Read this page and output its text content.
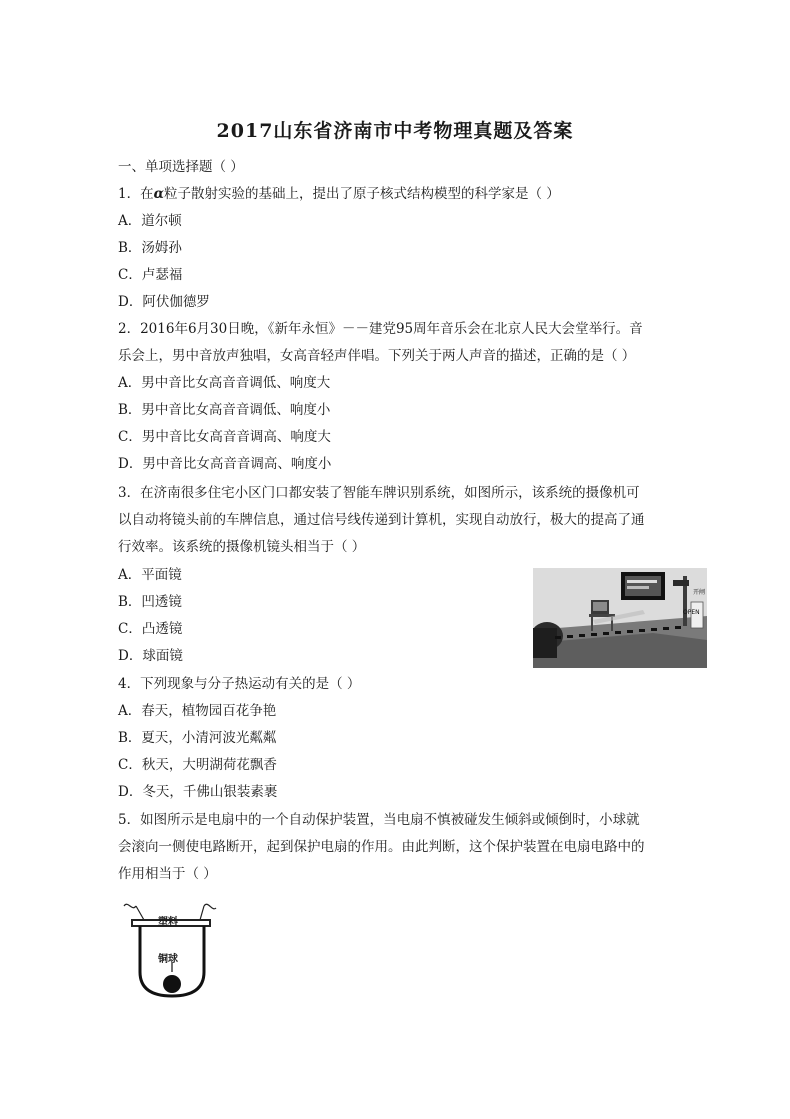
2017山东省济南市中考物理真题及答案
一、单项选择题（ ）
1．在α粒子散射实验的基础上，提出了原子核式结构模型的科学家是（ ）
A．道尔顿
B．汤姆孙
C．卢瑟福
D．阿伏伽德罗
2．2016年6月30日晚，《新年永恒》－－建党95周年音乐会在北京人民大会堂举行。音
乐会上，男中音放声独唱，女高音轻声伴唱。下列关于两人声音的描述，正确的是（ ）
A．男中音比女高音音调低、响度大
B．男中音比女高音音调低、响度小
C．男中音比女高音音调高、响度大
D．男中音比女高音音调高、响度小
3．在济南很多住宅小区门口都安装了智能车牌识别系统，如图所示，该系统的摄像机可
以自动将镜头前的车牌信息，通过信号线传递到计算机，实现自动放行，极大的提高了通
行效率。该系统的摄像机镜头相当于（ ）
A．平面镜
B．凹透镜
C．凸透镜
D．球面镜
开闸
OPEN
4．下列现象与分子热运动有关的是（ ）
A．春天，植物园百花争艳
B．夏天，小清河波光粼粼
C．秋天，大明湖荷花飘香
D．冬天，千佛山银装素裹
5．如图所示是电扇中的一个自动保护装置，当电扇不慎被碰发生倾斜或倾倒时，小球就
会滚向一侧使电路断开，起到保护电扇的作用。由此判断，这个保护装置在电扇电路中的
作用相当于（ ）
塑料
铜球
